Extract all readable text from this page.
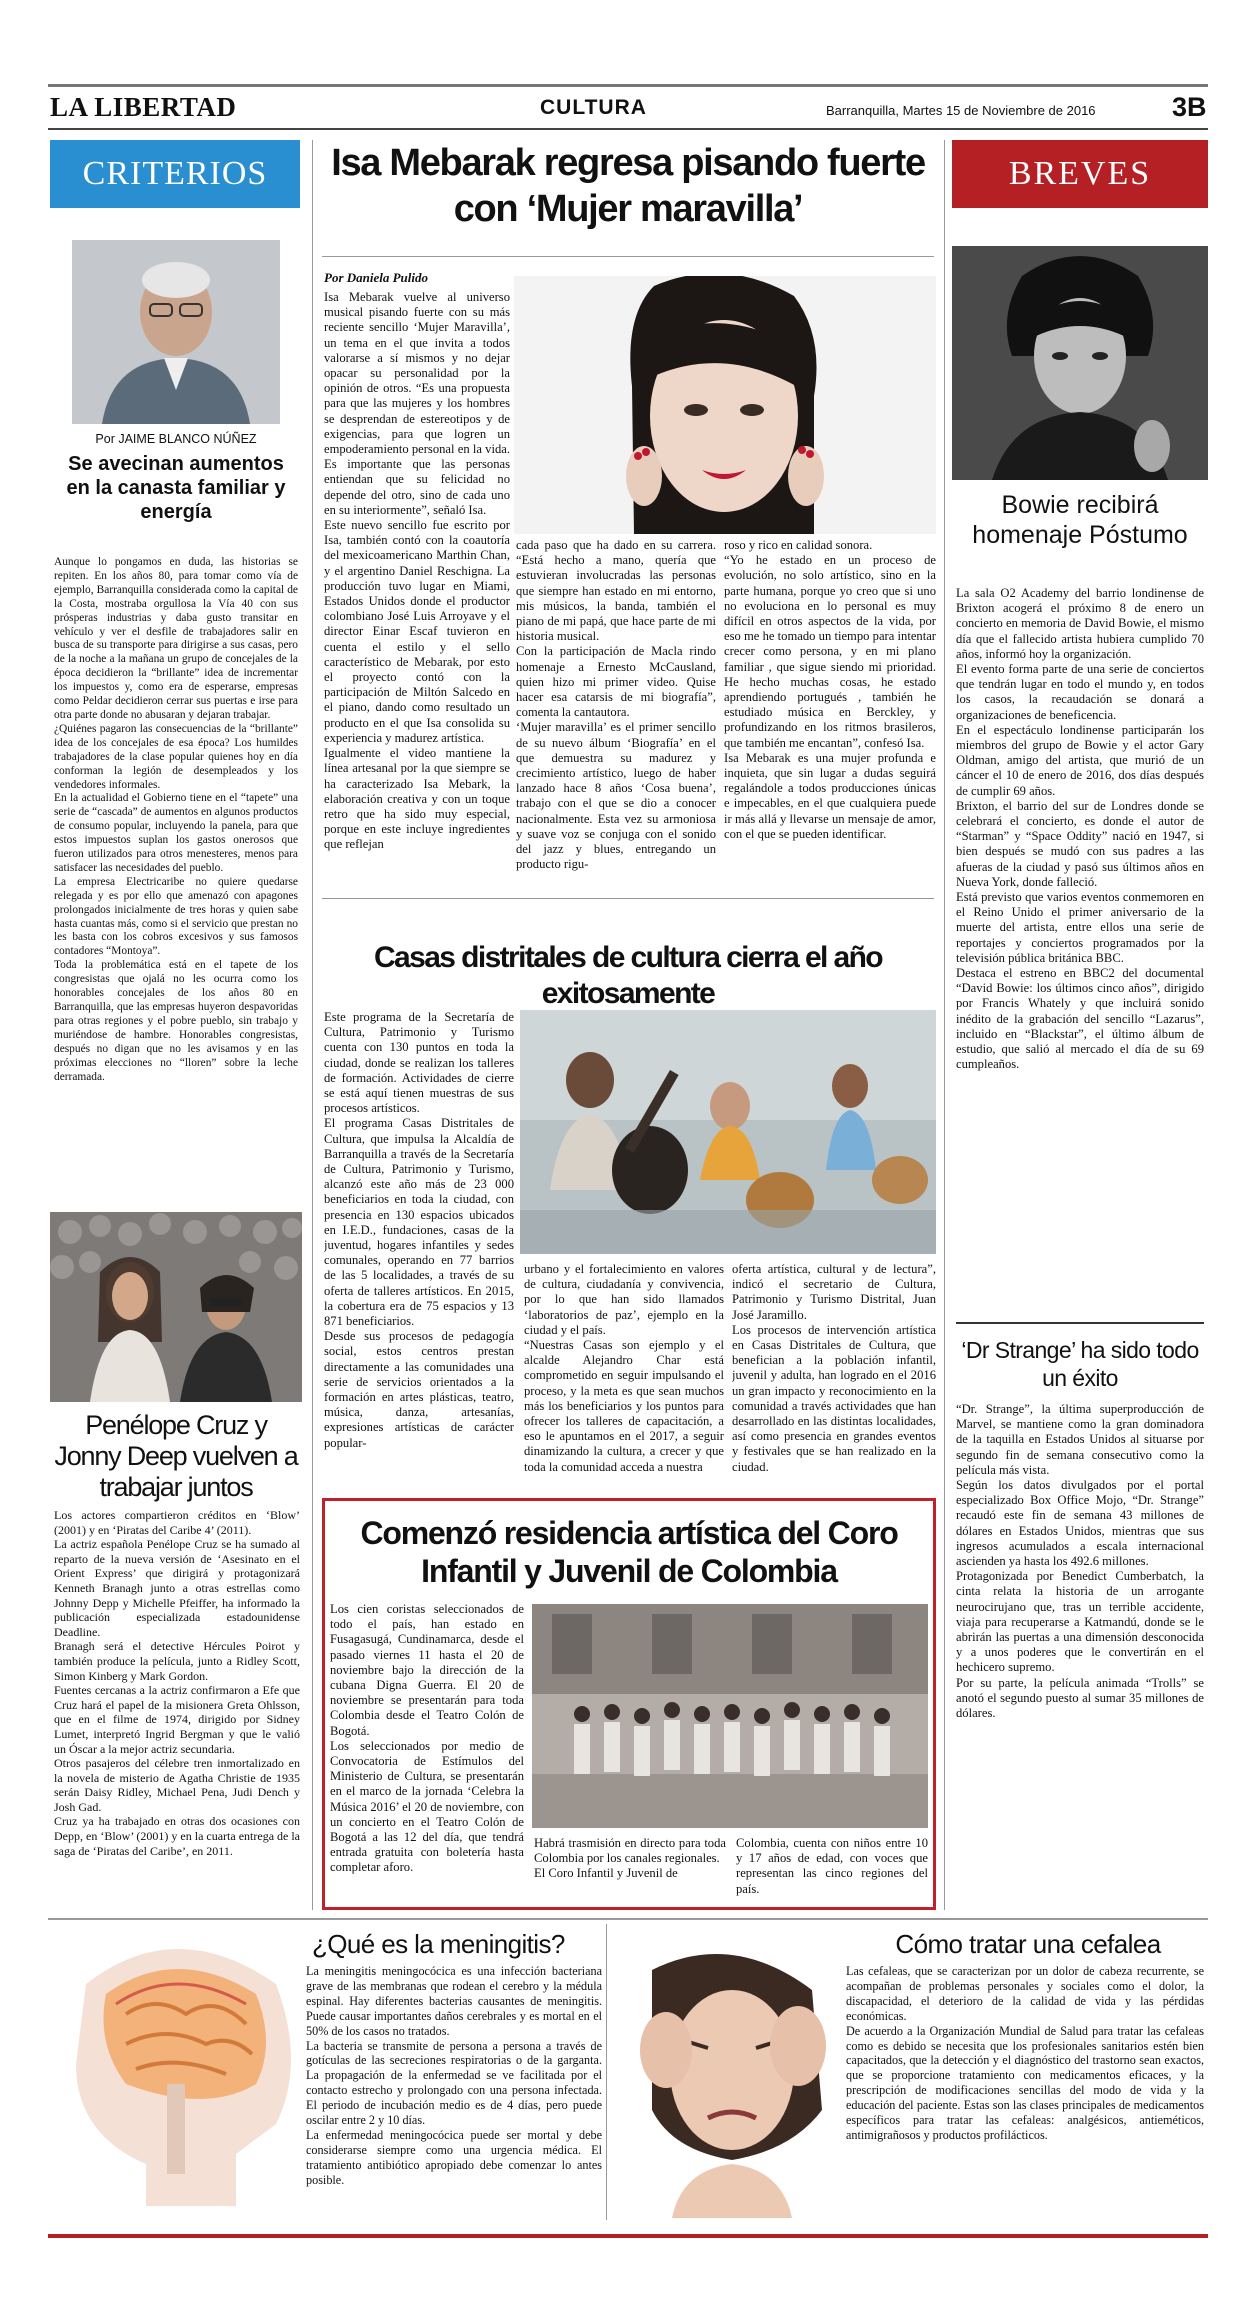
LA LIBERTAD	CULTURA	Barranquilla, Martes 15 de Noviembre de 2016	3B
CRITERIOS
Por JAIME BLANCO NÚÑEZ
Se avecinan aumentos en la canasta familiar y energía
Aunque lo pongamos en duda, las historias se repiten. En los años 80, para tomar como vía de ejemplo, Barranquilla considerada como la capital de la Costa, mostraba orgullosa la Vía 40 con sus prósperas industrias y daba gusto transitar en vehículo y ver el desfile de trabajadores salir en busca de su transporte para dirigirse a sus casas, pero de la noche a la mañana un grupo de concejales de la época decidieron la “brillante” idea de incrementar los impuestos y, como era de esperarse, empresas como Peldar decidieron cerrar sus puertas e irse para otra parte donde no abusaran y dejaran trabajar.
¿Quiénes pagaron las consecuencias de la “brillante” idea de los concejales de esa época? Los humildes trabajadores de la clase popular quienes hoy en día conforman la legión de desempleados y los vendedores informales.
En la actualidad el Gobierno tiene en el “tapete” una serie de “cascada” de aumentos en algunos productos de consumo popular, incluyendo la panela, para que estos impuestos suplan los gastos onerosos que fueron utilizados para otros menesteres, menos para satisfacer las necesidades del pueblo.
La empresa Electricaribe no quiere quedarse relegada y es por ello que amenazó con apagones prolongados inicialmente de tres horas y quien sabe hasta cuantas más, como si el servicio que prestan no les basta con los cobros excesivos y sus famosos contadores “Montoya”.
Toda la problemática está en el tapete de los congresistas que ojalá no les ocurra como los honorables concejales de los años 80 en Barranquilla, que las empresas huyeron despavoridas para otras regiones y el pobre pueblo, sin trabajo y muriéndose de hambre. Honorables congresistas, después no digan que no les avisamos y en las próximas elecciones no “lloren” sobre la leche derramada.
Penélope Cruz y Jonny Deep vuelven a trabajar juntos
Los actores compartieron créditos en ‘Blow’ (2001) y en ‘Piratas del Caribe 4’ (2011).
La actriz española Penélope Cruz se ha sumado al reparto de la nueva versión de ‘Asesinato en el Orient Express’ que dirigirá y protagonizará Kenneth Branagh junto a otras estrellas como Johnny Depp y Michelle Pfeiffer, ha informado la publicación especializada estadounidense Deadline.
Branagh será el detective Hércules Poirot y también produce la película, junto a Ridley Scott, Simon Kinberg y Mark Gordon.
Fuentes cercanas a la actriz confirmaron a Efe que Cruz hará el papel de la misionera Greta Ohlsson, que en el filme de 1974, dirigido por Sidney Lumet, interpretó Ingrid Bergman y que le valió un Óscar a la mejor actriz secundaria.
Otros pasajeros del célebre tren inmortalizado en la novela de misterio de Agatha Christie de 1935 serán Daisy Ridley, Michael Pena, Judi Dench y Josh Gad.
Cruz ya ha trabajado en otras dos ocasiones con Depp, en ‘Blow’ (2001) y en la cuarta entrega de la saga de ‘Piratas del Caribe’, en 2011.
Isa Mebarak regresa pisando fuerte
con ‘Mujer maravilla’
Por Daniela Pulido
Isa Mebarak vuelve al universo musical pisando fuerte con su más reciente sencillo ‘Mujer Maravilla’, un tema en el que invita a todos valorarse a sí mismos y no dejar opacar su personalidad por la opinión de otros. “Es una propuesta para que las mujeres y los hombres se desprendan de estereotipos y de exigencias, para que logren un empoderamiento personal en la vida. Es importante que las personas entiendan que su felicidad no depende del otro, sino de cada uno en su interiormente”, señaló Isa.
Este nuevo sencillo fue escrito por Isa, también contó con la coautoría del mexicoamericano Marthin Chan, y el argentino Daniel Reschigna. La producción tuvo lugar en Miami, Estados Unidos donde el productor colombiano José Luis Arroyave y el director Einar Escaf tuvieron en cuenta el estilo y el sello característico de Mebarak, por esto el proyecto contó con la participación de Miltón Salcedo en el piano, dando como resultado un producto en el que Isa consolida su experiencia y madurez artística.
Igualmente el video mantiene la línea artesanal por la que siempre se ha caracterizado Isa Mebark, la elaboración creativa y con un toque retro que ha sido muy especial, porque en este incluye ingredientes que reflejan
cada paso que ha dado en su carrera. “Está hecho a mano, quería que estuvieran involucradas las personas que siempre han estado en mi entorno, mis músicos, la banda, también el piano de mi papá, que hace parte de mi historia musical.
Con la participación de Macla rindo homenaje a Ernesto McCausland, quien hizo mi primer video. Quise hacer esa catarsis de mi biografía”, comenta la cantautora.
‘Mujer maravilla’ es el primer sencillo de su nuevo álbum ‘Biografía’ en el que demuestra su madurez y crecimiento artístico, luego de haber lanzado hace 8 años ‘Cosa buena’, trabajo con el que se dio a conocer nacionalmente. Esta vez su armoniosa y suave voz se conjuga con el sonido del jazz y blues, entregando un producto rigu-
roso y rico en calidad sonora.
“Yo he estado en un proceso de evolución, no solo artístico, sino en la parte humana, porque yo creo que si uno no evoluciona en lo personal es muy difícil en otros aspectos de la vida, por eso me he tomado un tiempo para intentar crecer como persona, y en mi plano familiar , que sigue siendo mi prioridad. He hecho muchas cosas, he estado aprendiendo portugués , también he estudiado música en Berckley, y profundizando en los ritmos brasileros, que también me encantan”, confesó Isa.
Isa Mebarak es una mujer profunda e inquieta, que sin lugar a dudas seguirá regalándole a todos producciones únicas e impecables, en el que cualquiera puede ir más allá y llevarse un mensaje de amor, con el que se pueden identificar.
Casas distritales de cultura cierra el año exitosamente
Este programa de la Secretaría de Cultura, Patrimonio y Turismo cuenta con 130 puntos en toda la ciudad, donde se realizan los talleres de formación. Actividades de cierre se está aquí tienen muestras de sus procesos artísticos.
El programa Casas Distritales de Cultura, que impulsa la Alcaldía de Barranquilla a través de la Secretaría de Cultura, Patrimonio y Turismo, alcanzó este año más de 23 000 beneficiarios en toda la ciudad, con presencia en 130 espacios ubicados en I.E.D., fundaciones, casas de la juventud, hogares infantiles y sedes comunales, operando en 77 barrios de las 5 localidades, a través de su oferta de talleres artísticos. En 2015, la cobertura era de 75 espacios y 13 871 beneficiarios.
Desde sus procesos de pedagogía social, estos centros prestan directamente a las comunidades una serie de servicios orientados a la formación en artes plásticas, teatro, música, danza, artesanías, expresiones artísticas de carácter popular-
urbano y el fortalecimiento en valores de cultura, ciudadanía y convivencia, por lo que han sido llamados ‘laboratorios de paz’, ejemplo en la ciudad y el país.
“Nuestras Casas son ejemplo y el alcalde Alejandro Char está comprometido en seguir impulsando el proceso, y la meta es que sean muchos más los beneficiarios y los puntos para ofrecer los talleres de capacitación, a eso le apuntamos en el 2017, a seguir dinamizando la cultura, a crecer y que toda la comunidad acceda a nuestra
oferta artística, cultural y de lectura”, indicó el secretario de Cultura, Patrimonio y Turismo Distrital, Juan José Jaramillo.
Los procesos de intervención artística en Casas Distritales de Cultura, que benefician a la población infantil, juvenil y adulta, han logrado en el 2016 un gran impacto y reconocimiento en la comunidad a través actividades que han desarrollado en las distintas localidades, así como presencia en grandes eventos y festivales que se han realizado en la ciudad.
Comenzó residencia artística del Coro Infantil y Juvenil de Colombia
Los cien coristas seleccionados de todo el país, han estado en Fusagasugá, Cundinamarca, desde el pasado viernes 11 hasta el 20 de noviembre bajo la dirección de la cubana Digna Guerra. El 20 de noviembre se presentarán para toda Colombia desde el Teatro Colón de Bogotá.
Los seleccionados por medio de Convocatoria de Estímulos del Ministerio de Cultura, se presentarán en el marco de la jornada ‘Celebra la Música 2016’ el 20 de noviembre, con un concierto en el Teatro Colón de Bogotá a las 12 del día, que tendrá entrada gratuita con boletería hasta completar aforo.
Habrá trasmisión en directo para toda Colombia por los canales regionales.
El Coro Infantil y Juvenil de
Colombia, cuenta con niños entre 10 y 17 años de edad, con voces que representan las cinco regiones del país.
BREVES
Bowie recibirá homenaje Póstumo
La sala O2 Academy del barrio londinense de Brixton acogerá el próximo 8 de enero un concierto en memoria de David Bowie, el mismo día que el fallecido artista hubiera cumplido 70 años, informó hoy la organización.
El evento forma parte de una serie de conciertos que tendrán lugar en todo el mundo y, en todos los casos, la recaudación se donará a organizaciones de beneficencia.
En el espectáculo londinense participarán los miembros del grupo de Bowie y el actor Gary Oldman, amigo del artista, que murió de un cáncer el 10 de enero de 2016, dos días después de cumplir 69 años.
Brixton, el barrio del sur de Londres donde se celebrará el concierto, es donde el autor de “Starman” y “Space Oddity” nació en 1947, si bien después se mudó con sus padres a las afueras de la ciudad y pasó sus últimos años en Nueva York, donde falleció.
Está previsto que varios eventos conmemoren en el Reino Unido el primer aniversario de la muerte del artista, entre ellos una serie de reportajes y conciertos programados por la televisión pública británica BBC.
Destaca el estreno en BBC2 del documental “David Bowie: los últimos cinco años”, dirigido por Francis Whately y que incluirá sonido inédito de la grabación del sencillo “Lazarus”, incluido en “Blackstar”, el último álbum de estudio, que salió al mercado el día de su 69 cumpleaños.
‘Dr Strange’ ha sido todo un éxito
“Dr. Strange”, la última superproducción de Marvel, se mantiene como la gran dominadora de la taquilla en Estados Unidos al situarse por segundo fin de semana consecutivo como la película más vista.
Según los datos divulgados por el portal especializado Box Office Mojo, “Dr. Strange” recaudó este fin de semana 43 millones de dólares en Estados Unidos, mientras que sus ingresos acumulados a escala internacional ascienden ya hasta los 492.6 millones.
Protagonizada por Benedict Cumberbatch, la cinta relata la historia de un arrogante neurocirujano que, tras un terrible accidente, viaja para recuperarse a Katmandú, donde se le abrirán las puertas a una dimensión desconocida y a unos poderes que le convertirán en el hechicero supremo.
Por su parte, la película animada “Trolls” se anotó el segundo puesto al sumar 35 millones de dólares.
¿Qué es la meningitis?
La meningitis meningocócica es una infección bacteriana grave de las membranas que rodean el cerebro y la médula espinal. Hay diferentes bacterias causantes de meningitis. Puede causar importantes daños cerebrales y es mortal en el 50% de los casos no tratados.
La bacteria se transmite de persona a persona a través de gotículas de las secreciones respiratorias o de la garganta. La propagación de la enfermedad se ve facilitada por el contacto estrecho y prolongado con una persona infectada. El periodo de incubación medio es de 4 días, pero puede oscilar entre 2 y 10 días.
La enfermedad meningocócica puede ser mortal y debe considerarse siempre como una urgencia médica. El tratamiento antibiótico apropiado debe comenzar lo antes posible.
Cómo tratar una cefalea
Las cefaleas, que se caracterizan por un dolor de cabeza recurrente, se acompañan de problemas personales y sociales como el dolor, la discapacidad, el deterioro de la calidad de vida y las pérdidas económicas.
De acuerdo a la Organización Mundial de Salud para tratar las cefaleas como es debido se necesita que los profesionales sanitarios estén bien capacitados, que la detección y el diagnóstico del trastorno sean exactos, que se proporcione tratamiento con medicamentos eficaces, y la prescripción de modificaciones sencillas del modo de vida y la educación del paciente. Estas son las clases principales de medicamentos específicos para tratar las cefaleas: analgésicos, antieméticos, antimigrañosos y productos profilácticos.
